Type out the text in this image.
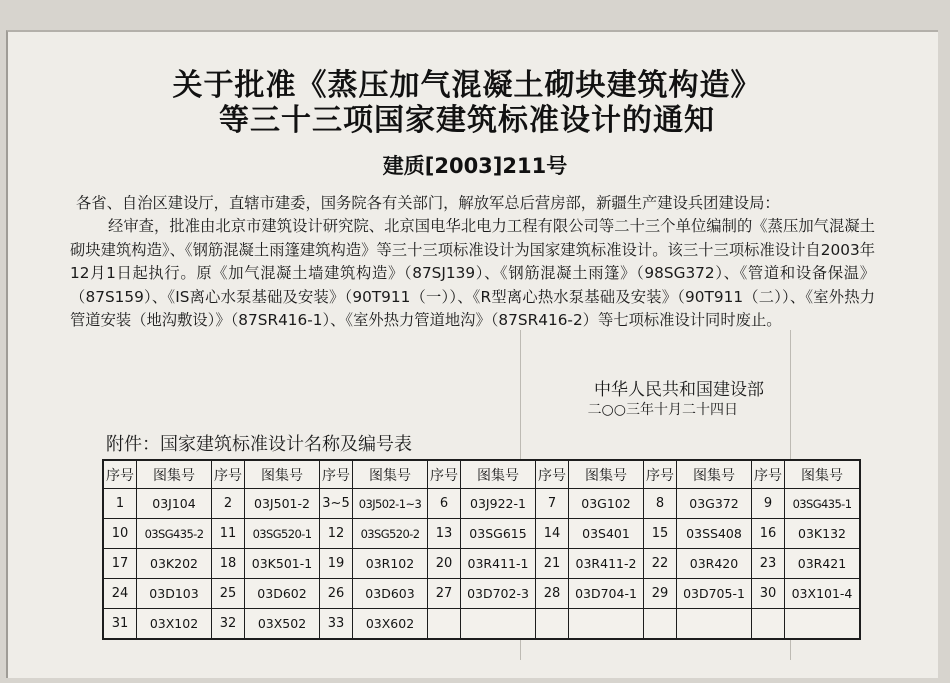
关于批准《蒸压加气混凝土砌块建筑构造》
等三十三项国家建筑标准设计的通知
建质[2003]211号

各省、自治区建设厅，直辖市建委，国务院各有关部门，解放军总后营房部，新疆生产建设兵团建设局：

经审查，批准由北京市建筑设计研究院、北京国电华北电力工程有限公司等二十三个单位编制的《蒸压加气混凝土砌块建筑构造》、《钢筋混凝土雨篷建筑构造》等三十三项标准设计为国家建筑标准设计。该三十三项标准设计自2003年12月1日起执行。原《加气混凝土墙建筑构造》（87SJ139）、《钢筋混凝土雨篷》（98SG372）、《管道和设备保温》（87S159）、《IS离心水泵基础及安装》（90T911（一））、《R型离心热水泵基础及安装》（90T911（二））、《室外热力管道安装（地沟敷设）》（87SR416-1）、《室外热力管道地沟》（87SR416-2）等七项标准设计同时废止。

中华人民共和国建设部
二○○三年十月二十四日
附件：国家建筑标准设计名称及编号表
序号	图集号	序号	图集号	序号	图集号	序号	图集号	序号	图集号	序号	图集号	序号	图集号
1	03J104	2	03J501-2	3~5	03J502-1~3	6	03J922-1	7	03G102	8	03G372	9	03SG435-1
10	03SG435-2	11	03SG520-1	12	03SG520-2	13	03SG615	14	03S401	15	03SS408	16	03K132
17	03K202	18	03K501-1	19	03R102	20	03R411-1	21	03R411-2	22	03R420	23	03R421
24	03D103	25	03D602	26	03D603	27	03D702-3	28	03D704-1	29	03D705-1	30	03X101-4
31	03X102	32	03X502	33	03X602								
